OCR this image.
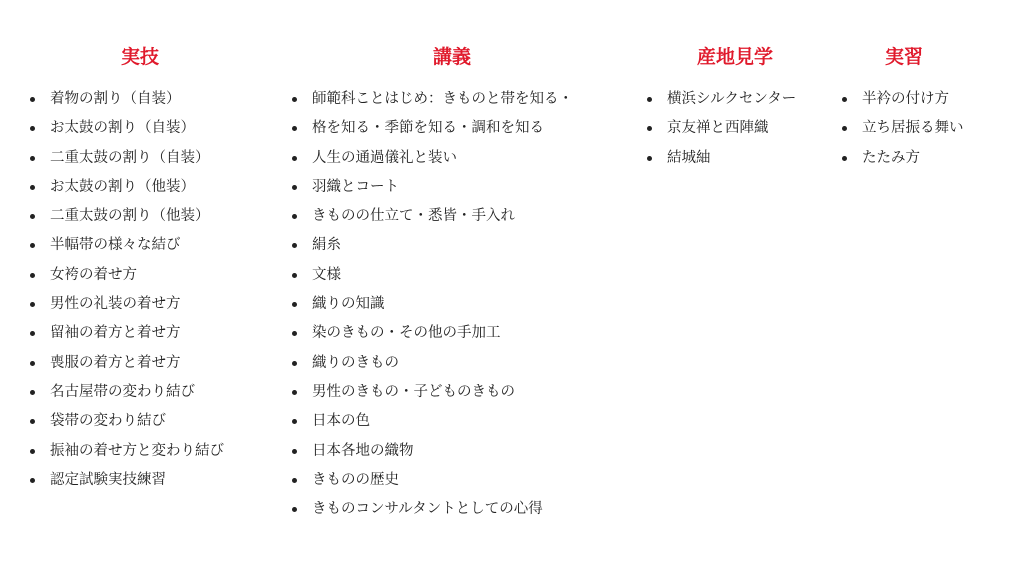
実技
着物の割り（自装）
お太鼓の割り（自装）
二重太鼓の割り（自装）
お太鼓の割り（他装）
二重太鼓の割り（他装）
半幅帯の様々な結び
女袴の着せ方
男性の礼装の着せ方
留袖の着方と着せ方
喪服の着方と着せ方
名古屋帯の変わり結び
袋帯の変わり結び
振袖の着せ方と変わり結び
認定試験実技練習
講義
師範科ことはじめ：きものと帯を知る・
格を知る・季節を知る・調和を知る
人生の通過儀礼と装い
羽織とコート
きものの仕立て・悉皆・手入れ
絹糸
文様
織りの知識
染のきもの・その他の手加工
織りのきもの
男性のきもの・子どものきもの
日本の色
日本各地の織物
きものの歴史
きものコンサルタントとしての心得
産地見学
横浜シルクセンター
京友禅と西陣織
結城紬
実習
半衿の付け方
立ち居振る舞い
たたみ方
